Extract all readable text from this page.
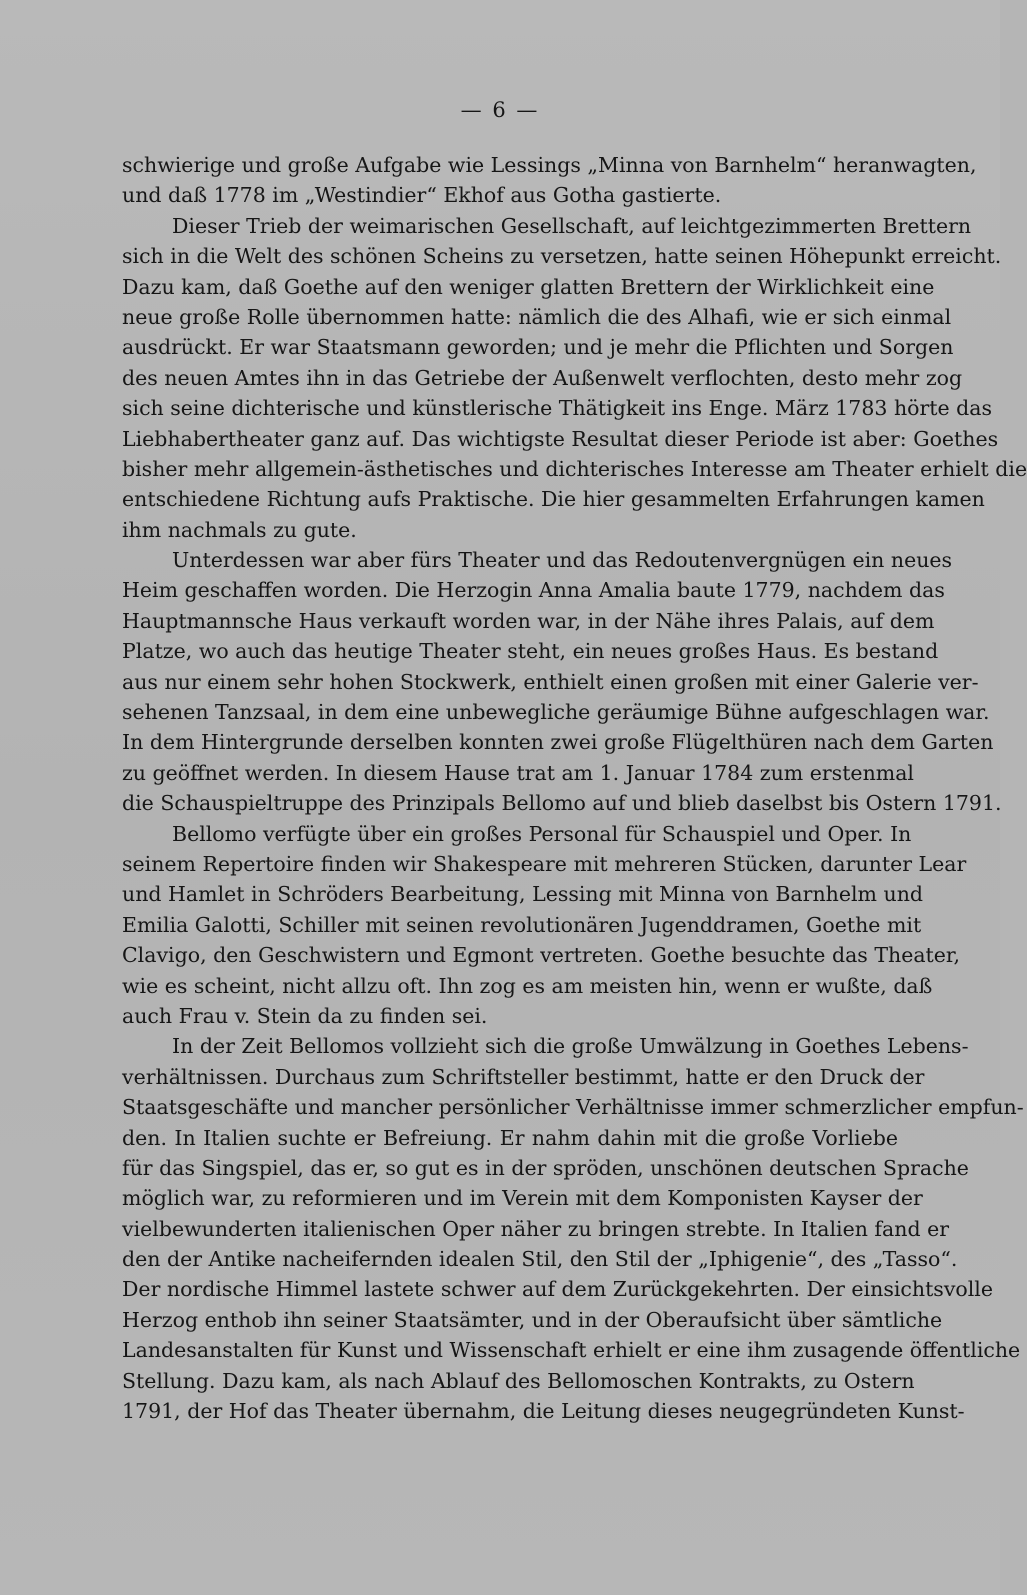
— 6 —
schwierige und große Aufgabe wie Lessings „Minna von Barnhelm“ heranwagten,
und daß 1778 im „Westindier“ Ekhof aus Gotha gastierte.
Dieser Trieb der weimarischen Gesellschaft, auf leichtgezimmerten Brettern
sich in die Welt des schönen Scheins zu versetzen, hatte seinen Höhepunkt erreicht.
Dazu kam, daß Goethe auf den weniger glatten Brettern der Wirklichkeit eine
neue große Rolle übernommen hatte: nämlich die des Alhafi, wie er sich einmal
ausdrückt. Er war Staatsmann geworden; und je mehr die Pflichten und Sorgen
des neuen Amtes ihn in das Getriebe der Außenwelt verflochten, desto mehr zog
sich seine dichterische und künstlerische Thätigkeit ins Enge. März 1783 hörte das
Liebhabertheater ganz auf. Das wichtigste Resultat dieser Periode ist aber: Goethes
bisher mehr allgemein-ästhetisches und dichterisches Interesse am Theater erhielt die
entschiedene Richtung aufs Praktische. Die hier gesammelten Erfahrungen kamen
ihm nachmals zu gute.
Unterdessen war aber fürs Theater und das Redoutenvergnügen ein neues
Heim geschaffen worden. Die Herzogin Anna Amalia baute 1779, nachdem das
Hauptmannsche Haus verkauft worden war, in der Nähe ihres Palais, auf dem
Platze, wo auch das heutige Theater steht, ein neues großes Haus. Es bestand
aus nur einem sehr hohen Stockwerk, enthielt einen großen mit einer Galerie ver-
sehenen Tanzsaal, in dem eine unbewegliche geräumige Bühne aufgeschlagen war.
In dem Hintergrunde derselben konnten zwei große Flügelthüren nach dem Garten
zu geöffnet werden. In diesem Hause trat am 1. Januar 1784 zum erstenmal
die Schauspieltruppe des Prinzipals Bellomo auf und blieb daselbst bis Ostern 1791.
Bellomo verfügte über ein großes Personal für Schauspiel und Oper. In
seinem Repertoire finden wir Shakespeare mit mehreren Stücken, darunter Lear
und Hamlet in Schröders Bearbeitung, Lessing mit Minna von Barnhelm und
Emilia Galotti, Schiller mit seinen revolutionären Jugenddramen, Goethe mit
Clavigo, den Geschwistern und Egmont vertreten. Goethe besuchte das Theater,
wie es scheint, nicht allzu oft. Ihn zog es am meisten hin, wenn er wußte, daß
auch Frau v. Stein da zu finden sei.
In der Zeit Bellomos vollzieht sich die große Umwälzung in Goethes Lebens-
verhältnissen. Durchaus zum Schriftsteller bestimmt, hatte er den Druck der
Staatsgeschäfte und mancher persönlicher Verhältnisse immer schmerzlicher empfun-
den. In Italien suchte er Befreiung. Er nahm dahin mit die große Vorliebe
für das Singspiel, das er, so gut es in der spröden, unschönen deutschen Sprache
möglich war, zu reformieren und im Verein mit dem Komponisten Kayser der
vielbewunderten italienischen Oper näher zu bringen strebte. In Italien fand er
den der Antike nacheifernden idealen Stil, den Stil der „Iphigenie“, des „Tasso“.
Der nordische Himmel lastete schwer auf dem Zurückgekehrten. Der einsichtsvolle
Herzog enthob ihn seiner Staatsämter, und in der Oberaufsicht über sämtliche
Landesanstalten für Kunst und Wissenschaft erhielt er eine ihm zusagende öffentliche
Stellung. Dazu kam, als nach Ablauf des Bellomoschen Kontrakts, zu Ostern
1791, der Hof das Theater übernahm, die Leitung dieses neugegründeten Kunst-
